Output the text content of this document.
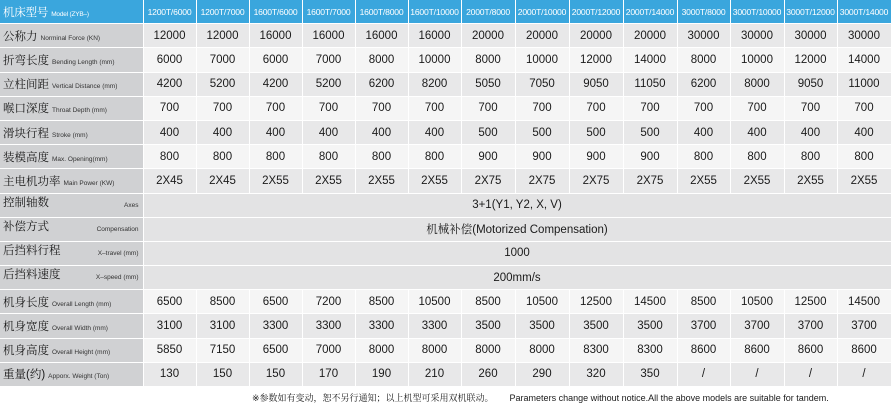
机床型号 Model (ZYB–)	1200T/6000	1200T/7000	1600T/6000	1600T/7000	1600T/8000	1600T/10000	2000T/8000	2000T/10000	2000T/12000	2000T/14000	3000T/8000	3000T/10000	3000T/12000	3000T/14000
公称力 Norminal Force (KN)	12000	12000	16000	16000	16000	16000	20000	20000	20000	20000	30000	30000	30000	30000
折弯长度 Bending Length (mm)	6000	7000	6000	7000	8000	10000	8000	10000	12000	14000	8000	10000	12000	14000
立柱间距 Vertical Distance (mm)	4200	5200	4200	5200	6200	8200	5050	7050	9050	11050	6200	8000	9050	11000
喉口深度 Throat Depth (mm)	700	700	700	700	700	700	700	700	700	700	700	700	700	700
滑块行程 Stroke (mm)	400	400	400	400	400	400	500	500	500	500	400	400	400	400
装模高度 Max. Opening(mm)	800	800	800	800	800	800	900	900	900	900	800	800	800	800
主电机功率 Main Power (KW)	2X45	2X45	2X55	2X55	2X55	2X55	2X75	2X75	2X75	2X75	2X55	2X55	2X55	2X55
控制轴数 Axes	3+1(Y1, Y2, X, V)													
补偿方式 Compensation	机械补偿(Motorized Compensation)													
后挡料行程 X–travel (mm)	1000													
后挡料速度 X–speed (mm)	200mm/s													
机身长度 Overall Length (mm)	6500	8500	6500	7200	8500	10500	8500	10500	12500	14500	8500	10500	12500	14500
机身宽度 Overall Width (mm)	3100	3100	3300	3300	3300	3300	3500	3500	3500	3500	3700	3700	3700	3700
机身高度 Overall Height (mm)	5850	7150	6500	7000	8000	8000	8000	8000	8300	8300	8600	8600	8600	8600
重量(约) Apporx. Weight (Ton)	130	150	150	170	190	210	260	290	320	350	/	/	/	/
※参数如有变动，恕不另行通知；以上机型可采用双机联动。 Parameters change without notice.All the above models are suitable for tandem.
